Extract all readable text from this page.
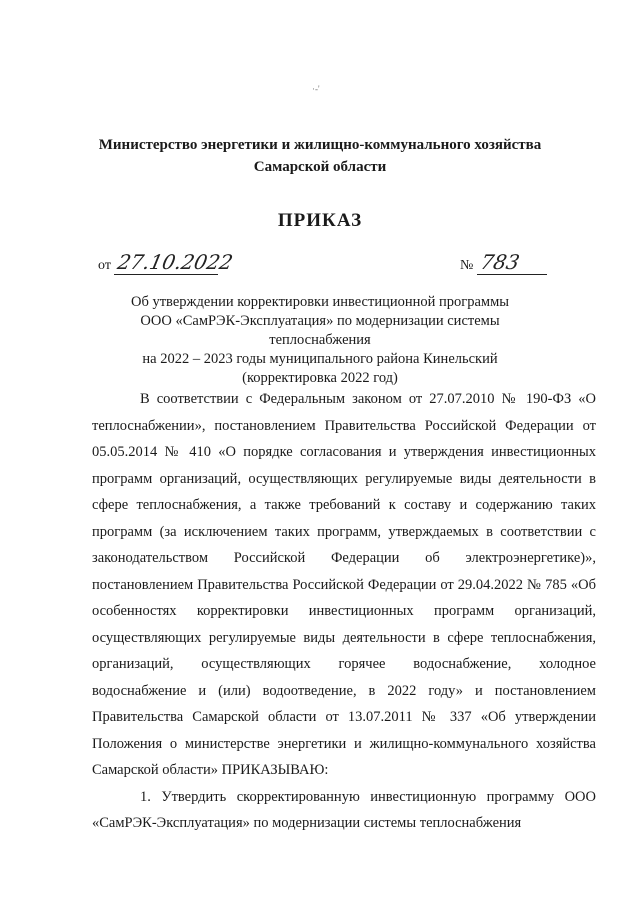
·-'
Министерство энергетики и жилищно-коммунального хозяйства
Самарской области
ПРИКАЗ
от 27.10.2022	№ 783
Об утверждении корректировки инвестиционной программы
ООО «СамРЭК-Эксплуатация» по модернизации системы теплоснабжения
на 2022 – 2023 годы муниципального района Кинельский
(корректировка 2022 год)

В соответствии с Федеральным законом от 27.07.2010 № 190-ФЗ «О теплоснабжении», постановлением Правительства Российской Федерации от 05.05.2014 № 410 «О порядке согласования и утверждения инвестиционных программ организаций, осуществляющих регулируемые виды деятельности в сфере теплоснабжения, а также требований к составу и содержанию таких программ (за исключением таких программ, утверждаемых в соответствии с законодательством Российской Федерации об электроэнергетике)», постановлением Правительства Российской Федерации от 29.04.2022 № 785 «Об особенностях корректировки инвестиционных программ организаций, осуществляющих регулируемые виды деятельности в сфере теплоснабжения, организаций, осуществляющих горячее водоснабжение, холодное водоснабжение и (или) водоотведение, в 2022 году» и постановлением Правительства Самарской области от 13.07.2011 № 337 «Об утверждении Положения о министерстве энергетики и жилищно-коммунального хозяйства Самарской области» ПРИКАЗЫВАЮ:

1. Утвердить скорректированную инвестиционную программу ООО «СамРЭК-Эксплуатация» по модернизации системы теплоснабжения
